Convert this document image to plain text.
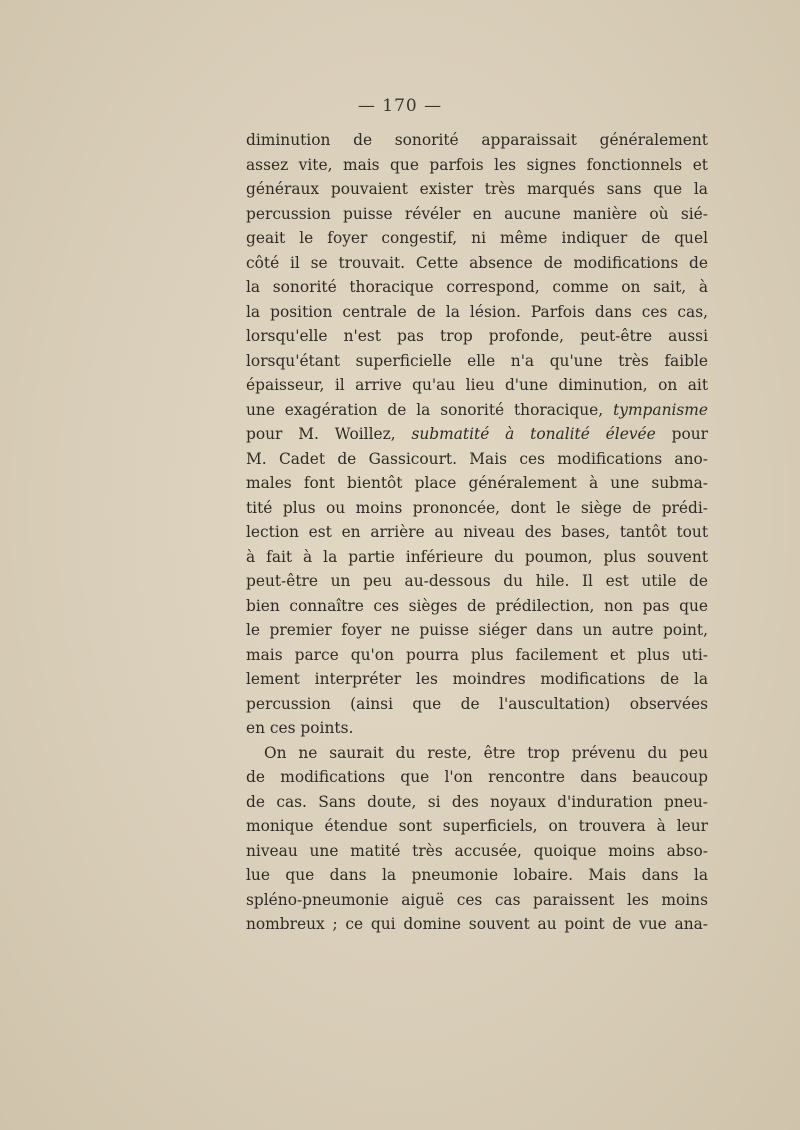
— 170 —
diminution de sonorité apparaissait généralement
assez vite, mais que parfois les signes fonctionnels et
généraux pouvaient exister très marqués sans que la
percussion puisse révéler en aucune manière où sié-
geait le foyer congestif, ni même indiquer de quel
côté il se trouvait. Cette absence de modifications de
la sonorité thoracique correspond, comme on sait, à
la position centrale de la lésion. Parfois dans ces cas,
lorsqu'elle n'est pas trop profonde, peut-être aussi
lorsqu'étant superficielle elle n'a qu'une très faible
épaisseur, il arrive qu'au lieu d'une diminution, on ait
une exagération de la sonorité thoracique, tympanisme
pour M. Woillez, submatité à tonalité élevée pour
M. Cadet de Gassicourt. Mais ces modifications ano-
males font bientôt place généralement à une subma-
tité plus ou moins prononcée, dont le siège de prédi-
lection est en arrière au niveau des bases, tantôt tout
à fait à la partie inférieure du poumon, plus souvent
peut-être un peu au-dessous du hile. Il est utile de
bien connaître ces sièges de prédilection, non pas que
le premier foyer ne puisse siéger dans un autre point,
mais parce qu'on pourra plus facilement et plus uti-
lement interpréter les moindres modifications de la
percussion (ainsi que de l'auscultation) observées
en ces points.
On ne saurait du reste, être trop prévenu du peu
de modifications que l'on rencontre dans beaucoup
de cas. Sans doute, si des noyaux d'induration pneu-
monique étendue sont superficiels, on trouvera à leur
niveau une matité très accusée, quoique moins abso-
lue que dans la pneumonie lobaire. Mais dans la
spléno-pneumonie aiguë ces cas paraissent les moins
nombreux ; ce qui domine souvent au point de vue ana-
